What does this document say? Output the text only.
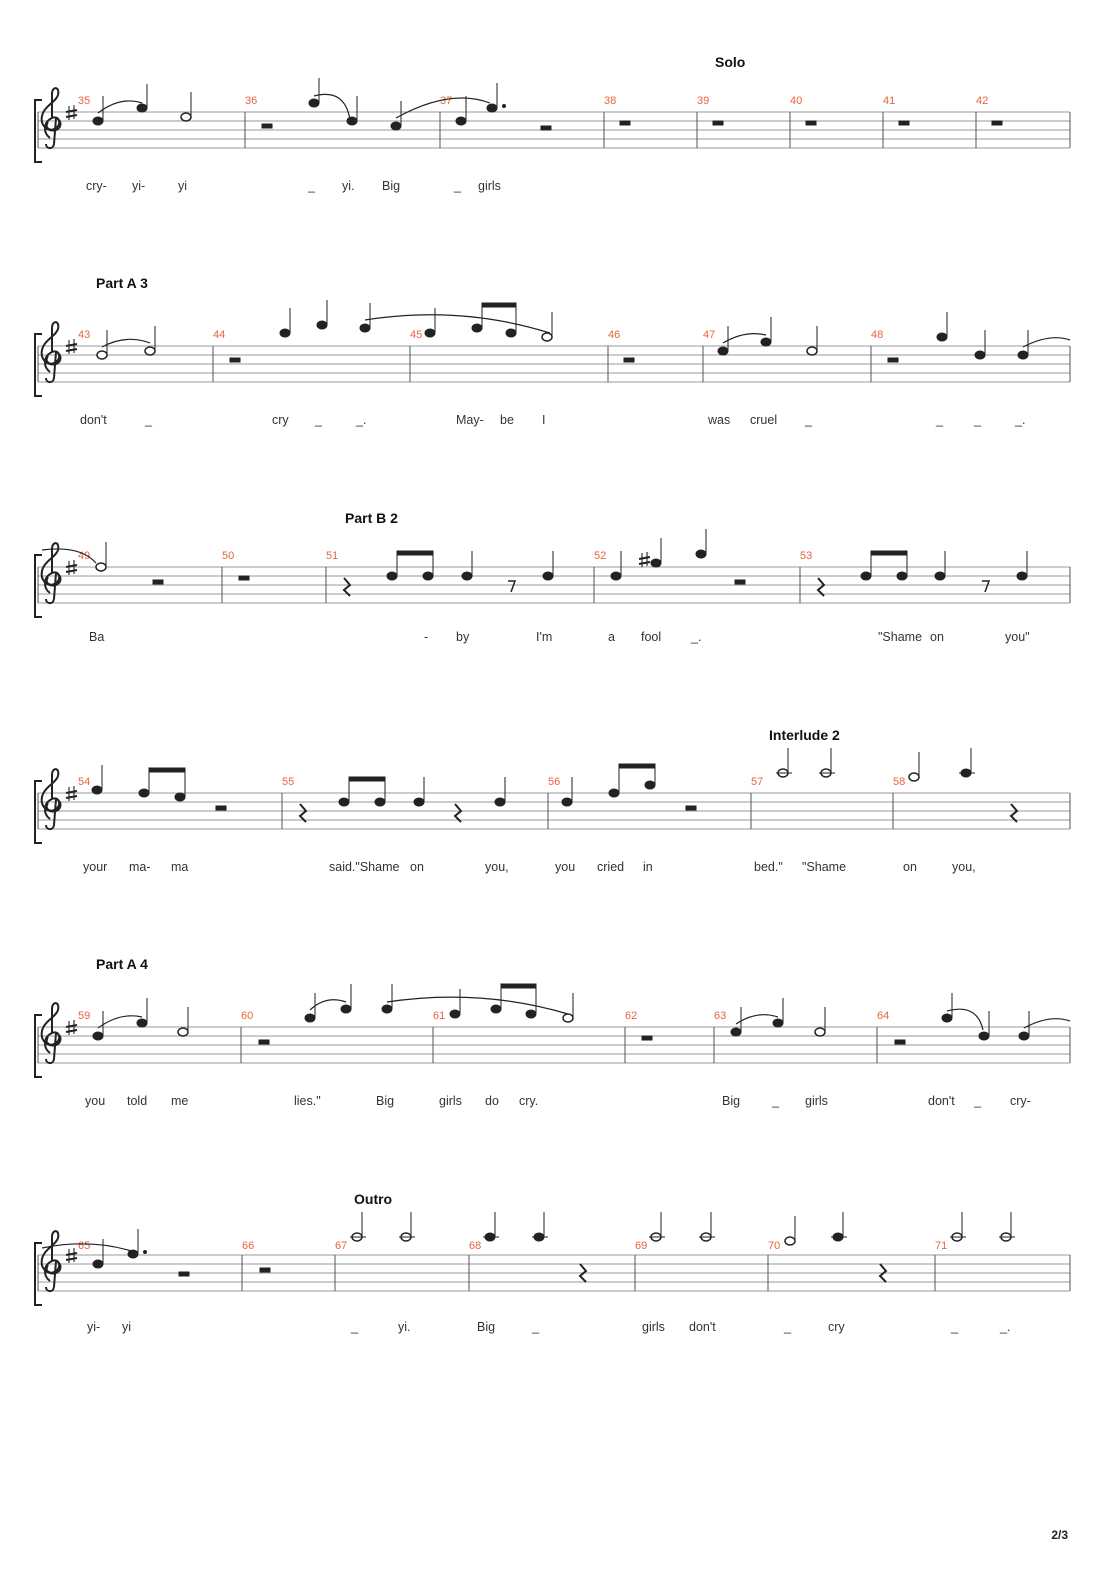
Solo
35	36	37	38	39	40	41	42
cry- yi-	yi	_ yi. Big	_ girls
Part A 3
43	44	45	46	47	48
don't	_	cry _	_.	May- be I	was cruel _	_ _	_.
Part B 2
49	50	51	52	53
Ba	- by	I'm	a fool _.	"Shame on	you"
Interlude 2
54	55	56	57	58
your ma- ma	said."Shame on	you,	you cried in	bed." "Shame	on	you,
Part A 4
59	60	61	62	63	64
you told me	lies."	Big	girls do cry.	Big	_ girls	don't _ cry-
Outro
65	66	67	68	69	70	71
yi- yi	_	yi.	Big	_	girls don't	_	cry	_	_.
2/3
